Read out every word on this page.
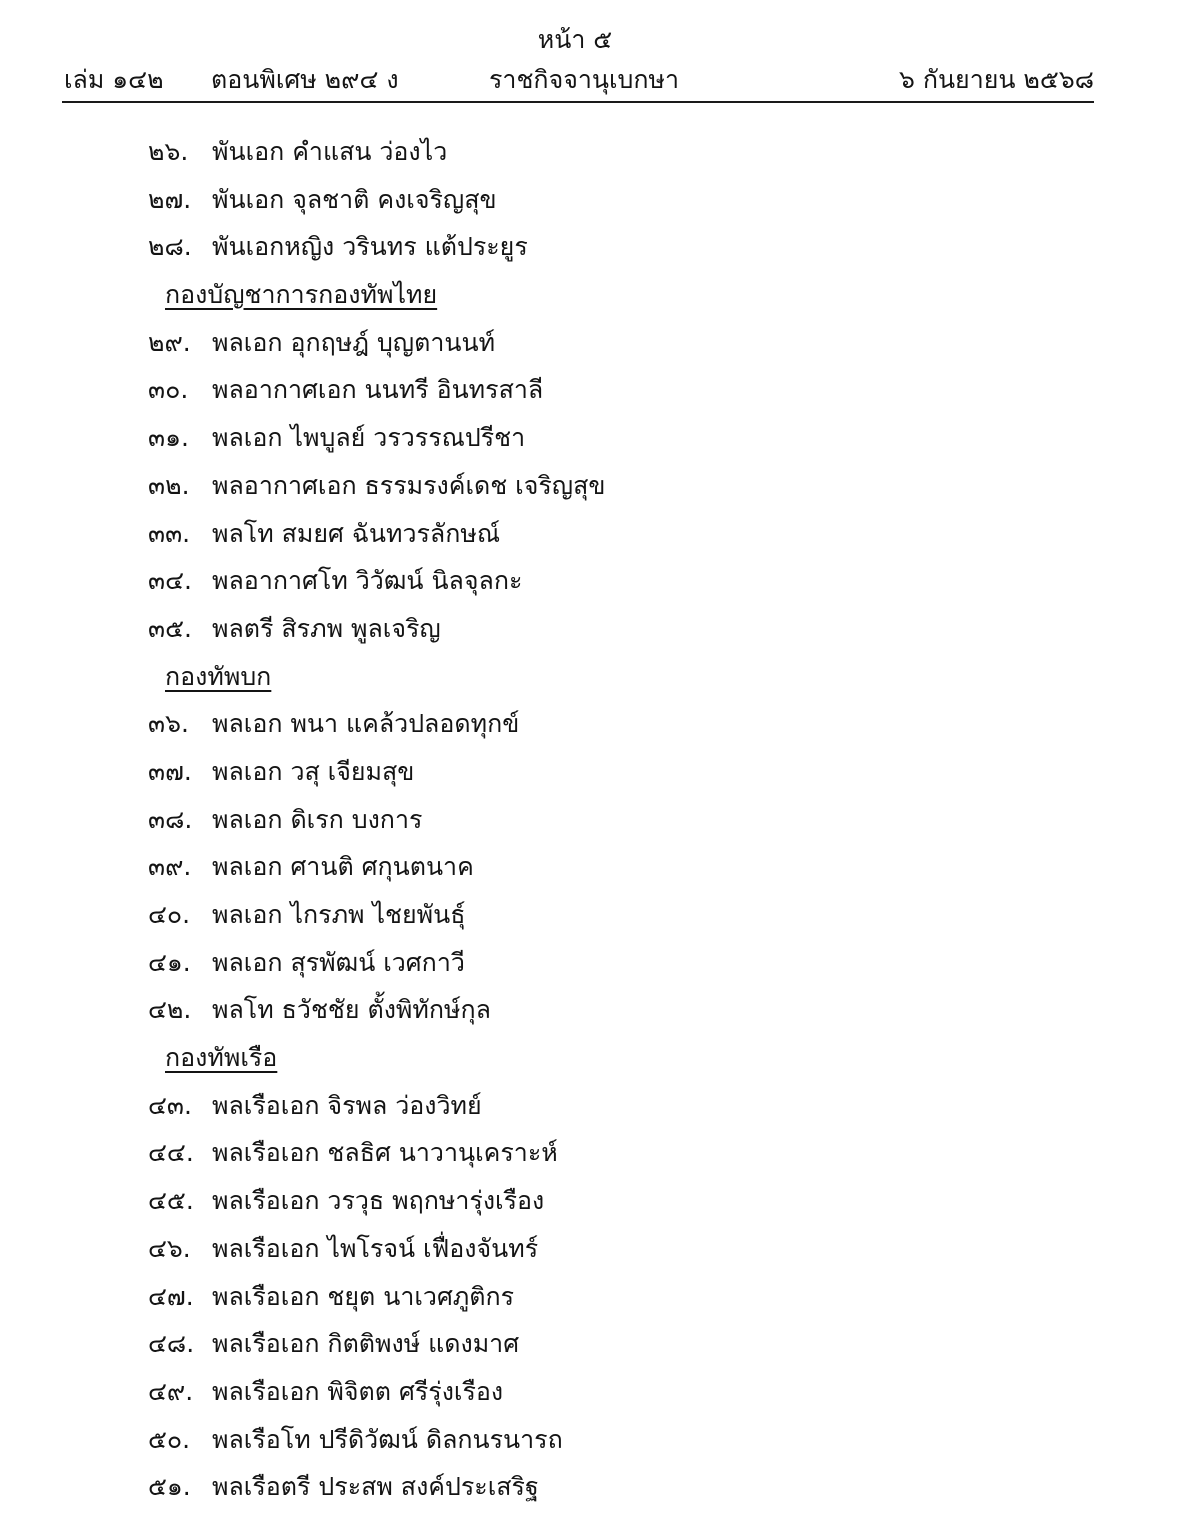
หน้า ๕
เล่ม ๑๔๒ ตอนพิเศษ ๒๙๔ ง	ราชกิจจานุเบกษา	๖ กันยายน ๒๕๖๘
๒๖. พันเอก คำแสน ว่องไว
๒๗. พันเอก จุลชาติ คงเจริญสุข
๒๘. พันเอกหญิง วรินทร แต้ประยูร
กองบัญชาการกองทัพไทย
๒๙. พลเอก อุกฤษฎ์ บุญตานนท์
๓๐. พลอากาศเอก นนทรี อินทรสาลี
๓๑. พลเอก ไพบูลย์ วรวรรณปรีชา
๓๒. พลอากาศเอก ธรรมรงค์เดช เจริญสุข
๓๓. พลโท สมยศ ฉันทวรลักษณ์
๓๔. พลอากาศโท วิวัฒน์ นิลจุลกะ
๓๕. พลตรี สิรภพ พูลเจริญ
กองทัพบก
๓๖. พลเอก พนา แคล้วปลอดทุกข์
๓๗. พลเอก วสุ เจียมสุข
๓๘. พลเอก ดิเรก บงการ
๓๙. พลเอก ศานติ ศกุนตนาค
๔๐. พลเอก ไกรภพ ไชยพันธุ์
๔๑. พลเอก สุรพัฒน์ เวศกาวี
๔๒. พลโท ธวัชชัย ตั้งพิทักษ์กุล
กองทัพเรือ
๔๓. พลเรือเอก จิรพล ว่องวิทย์
๔๔. พลเรือเอก ชลธิศ นาวานุเคราะห์
๔๕. พลเรือเอก วรวุธ พฤกษารุ่งเรือง
๔๖. พลเรือเอก ไพโรจน์ เฟื่องจันทร์
๔๗. พลเรือเอก ชยุต นาเวศภูติกร
๔๘. พลเรือเอก กิตติพงษ์ แดงมาศ
๔๙. พลเรือเอก พิจิตต ศรีรุ่งเรือง
๕๐. พลเรือโท ปรีดิวัฒน์ ดิลกนรนารถ
๕๑. พลเรือตรี ประสพ สงค์ประเสริฐ
